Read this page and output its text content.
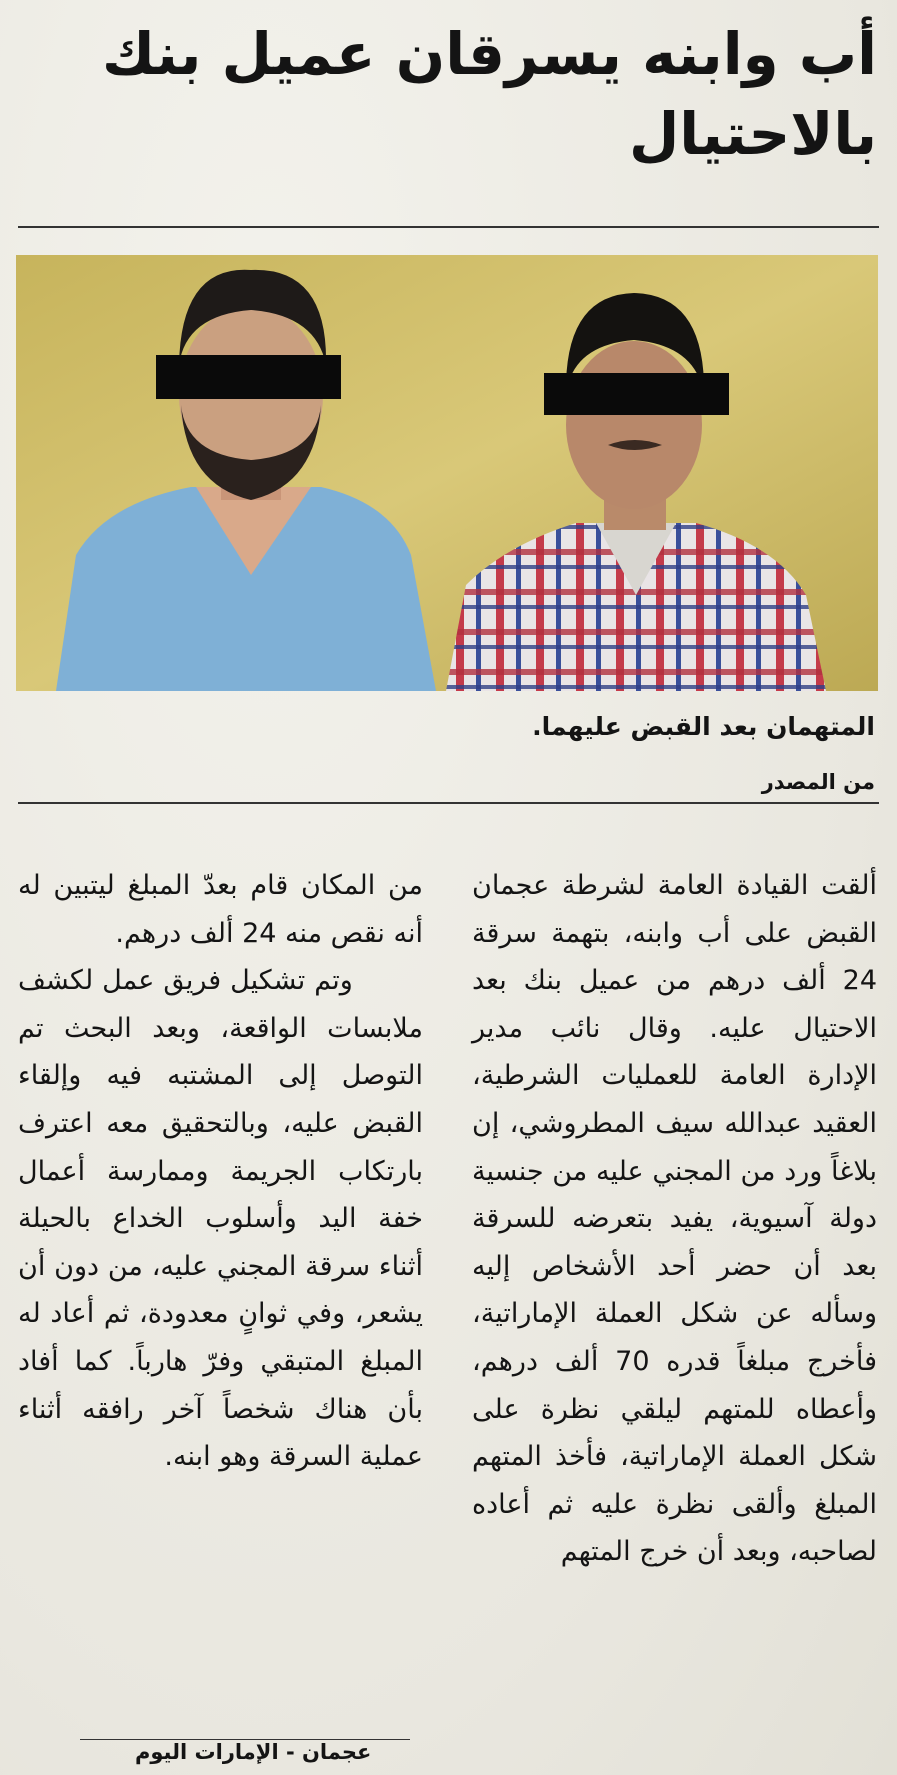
أب وابنه يسرقان عميل بنك بالاحتيال
المتهمان بعد القبض عليهما.
من المصدر

ألقت القيادة العامة لشرطة عجمان القبض على أب وابنه، بتهمة سرقة 24 ألف درهم من عميل بنك بعد الاحتيال عليه. وقال نائب مدير الإدارة العامة للعمليات الشرطية، العقيد عبدالله سيف المطروشي، إن بلاغاً ورد من المجني عليه من جنسية دولة آسيوية، يفيد بتعرضه للسرقة بعد أن حضر أحد الأشخاص إليه وسأله عن شكل العملة الإماراتية، فأخرج مبلغاً قدره 70 ألف درهم، وأعطاه للمتهم ليلقي نظرة على شكل العملة الإماراتية، فأخذ المتهم المبلغ وألقى نظرة عليه ثم أعاده لصاحبه، وبعد أن خرج المتهم

من المكان قام بعدّ المبلغ ليتبين له أنه نقص منه 24 ألف درهم.

وتم تشكيل فريق عمل لكشف ملابسات الواقعة، وبعد البحث تم التوصل إلى المشتبه فيه وإلقاء القبض عليه، وبالتحقيق معه اعترف بارتكاب الجريمة وممارسة أعمال خفة اليد وأسلوب الخداع بالحيلة أثناء سرقة المجني عليه، من دون أن يشعر، وفي ثوانٍ معدودة، ثم أعاد له المبلغ المتبقي وفرّ هارباً. كما أفاد بأن هناك شخصاً آخر رافقه أثناء عملية السرقة وهو ابنه.

عجمان - الإمارات اليوم
